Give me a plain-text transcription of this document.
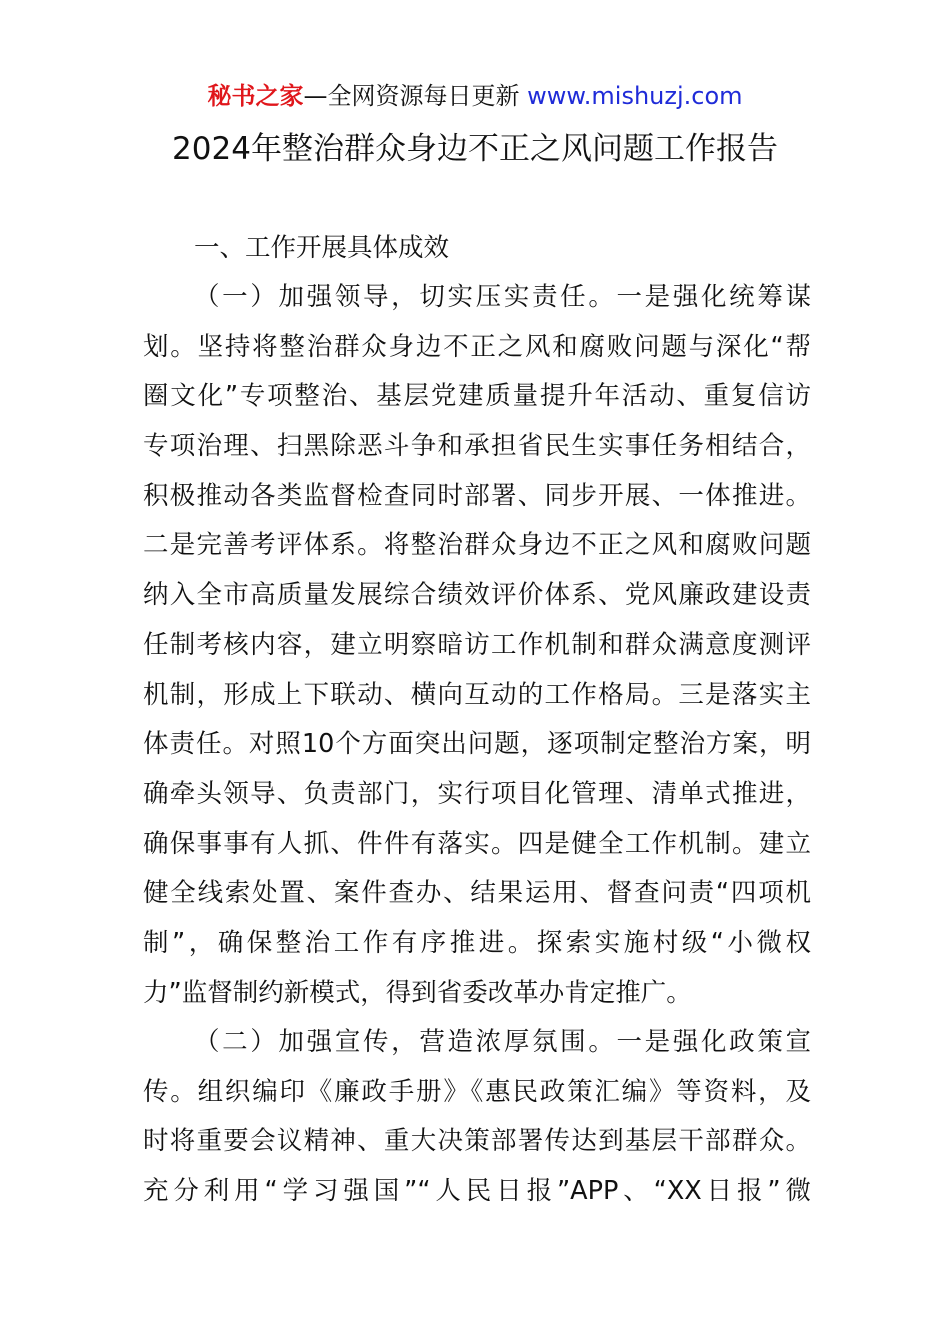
秘书之家—全网资源每日更新 www.mishuzj.com
2024年整治群众身边不正之风问题工作报告
一、工作开展具体成效
（一）加强领导，切实压实责任。一是强化统筹谋
划。坚持将整治群众身边不正之风和腐败问题与深化“帮
圈文化”专项整治、基层党建质量提升年活动、重复信访
专项治理、扫黑除恶斗争和承担省民生实事任务相结合，
积极推动各类监督检查同时部署、同步开展、一体推进。
二是完善考评体系。将整治群众身边不正之风和腐败问题
纳入全市高质量发展综合绩效评价体系、党风廉政建设责
任制考核内容，建立明察暗访工作机制和群众满意度测评
机制，形成上下联动、横向互动的工作格局。三是落实主
体责任。对照10个方面突出问题，逐项制定整治方案，明
确牵头领导、负责部门，实行项目化管理、清单式推进，
确保事事有人抓、件件有落实。四是健全工作机制。建立
健全线索处置、案件查办、结果运用、督查问责“四项机
制”，确保整治工作有序推进。探索实施村级“小微权
力”监督制约新模式，得到省委改革办肯定推广。
（二）加强宣传，营造浓厚氛围。一是强化政策宣
传。组织编印《廉政手册》《惠民政策汇编》等资料，及
时将重要会议精神、重大决策部署传达到基层干部群众。
充分利用“学习强国”“人民日报”APP、“XX日报”微
